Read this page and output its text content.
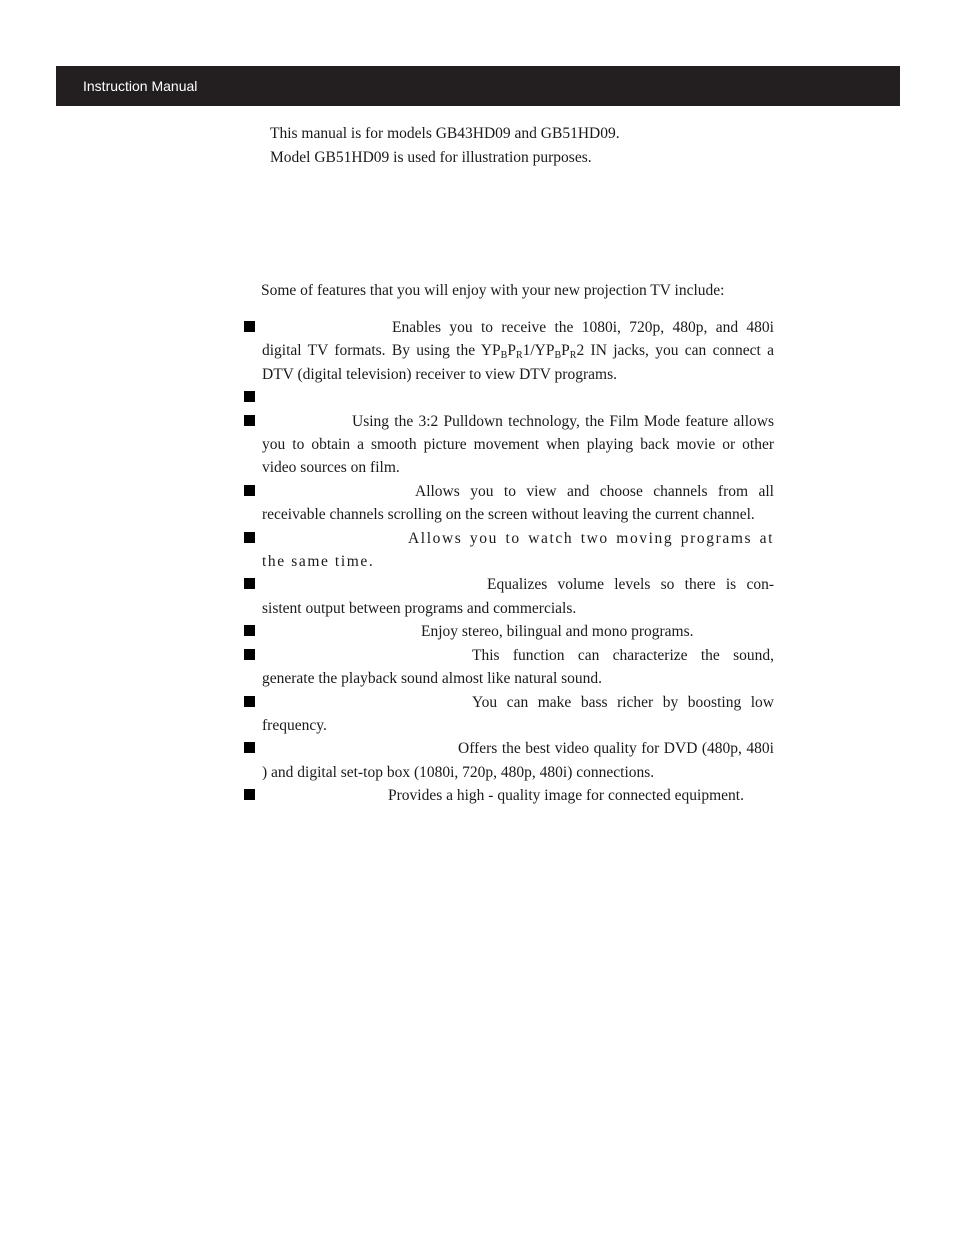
Instruction Manual

This manual is for models GB43HD09 and GB51HD09.

Model GB51HD09 is used for illustration purposes.

Some of features that you will enjoy with your new projection TV include:

Enables you to receive the 1080i, 720p, 480p, and 480i digital TV formats. By using the $YP_BP_R1/YP_BP_R2$ IN jacks, you can connect a DTV (digital television) receiver to view DTV programs.
Using the 3:2 Pulldown technology, the Film Mode feature allows you to obtain a smooth picture movement when playing back movie or other video sources on film.
Allows you to view and choose channels from all receivable channels scrolling on the screen without leaving the current channel.
Allows you to watch two moving programs at the same time.
Equalizes volume levels so there is con-sistent output between programs and commercials.
Enjoy stereo, bilingual and mono programs.
This function can characterize the sound, generate the playback sound almost like natural sound.
You can make bass richer by boosting low frequency.
Offers the best video quality for DVD (480p, 480i ) and digital set-top box (1080i, 720p, 480p, 480i) connections.
Provides a high - quality image for connected equipment.
